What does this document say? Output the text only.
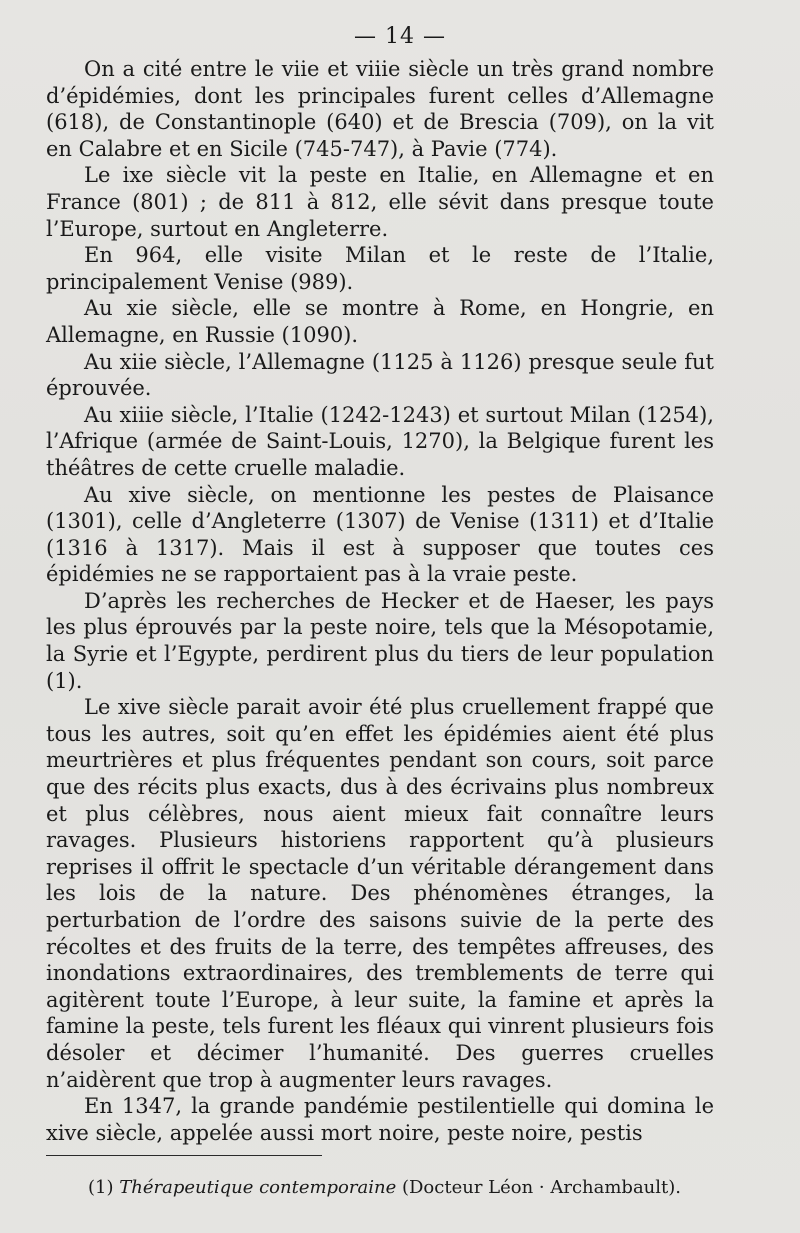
— 14 —

On a cité entre le viie et viiie siècle un très grand nombre d’épidémies, dont les principales furent celles d’Allemagne (618), de Constantinople (640) et de Brescia (709), on la vit en Calabre et en Sicile (745-747), à Pavie (774).

Le ixe siècle vit la peste en Italie, en Allemagne et en France (801) ; de 811 à 812, elle sévit dans presque toute l’Europe, surtout en Angleterre.

En 964, elle visite Milan et le reste de l’Italie, principalement Venise (989).

Au xie siècle, elle se montre à Rome, en Hongrie, en Allemagne, en Russie (1090).

Au xiie siècle, l’Allemagne (1125 à 1126) presque seule fut éprouvée.

Au xiiie siècle, l’Italie (1242-1243) et surtout Milan (1254), l’Afrique (armée de Saint-Louis, 1270), la Belgique furent les théâtres de cette cruelle maladie.

Au xive siècle, on mentionne les pestes de Plaisance (1301), celle d’Angleterre (1307) de Venise (1311) et d’Italie (1316 à 1317). Mais il est à supposer que toutes ces épidémies ne se rapportaient pas à la vraie peste.

D’après les recherches de Hecker et de Haeser, les pays les plus éprouvés par la peste noire, tels que la Mésopotamie, la Syrie et l’Egypte, perdirent plus du tiers de leur population (1).

Le xive siècle parait avoir été plus cruellement frappé que tous les autres, soit qu’en effet les épidémies aient été plus meurtrières et plus fréquentes pendant son cours, soit parce que des récits plus exacts, dus à des écrivains plus nombreux et plus célèbres, nous aient mieux fait connaître leurs ravages. Plusieurs historiens rapportent qu’à plusieurs reprises il offrit le spectacle d’un véritable dérangement dans les lois de la nature. Des phénomènes étranges, la perturbation de l’ordre des saisons suivie de la perte des récoltes et des fruits de la terre, des tempêtes affreuses, des inondations extraordinaires, des tremblements de terre qui agitèrent toute l’Europe, à leur suite, la famine et après la famine la peste, tels furent les fléaux qui vinrent plusieurs fois désoler et décimer l’humanité. Des guerres cruelles n’aidèrent que trop à augmenter leurs ravages.

En 1347, la grande pandémie pestilentielle qui domina le xive siècle, appelée aussi mort noire, peste noire, pestis

(1) Thérapeutique contemporaine (Docteur Léon · Archambault).
